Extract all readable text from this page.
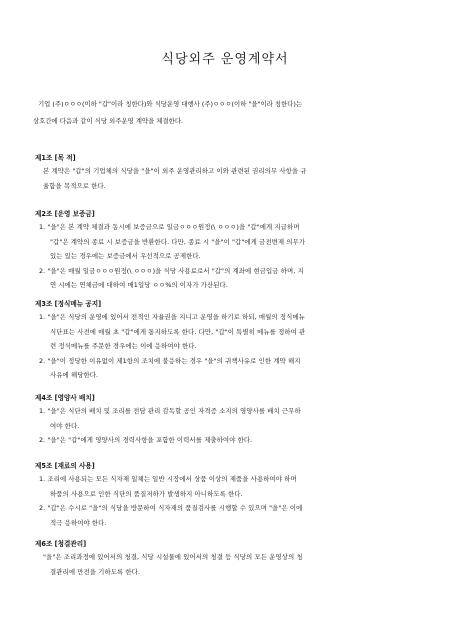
식당외주 운영계약서
기업 (주)ㅇㅇㅇ(이하 "갑"이라 칭한다)와 식당운영 대행사 (주)ㅇㅇㅇ(이하 "을"이라 칭한다)는
상호간에 다음과 같이 식당 외주운영 계약을 체결한다.
제1조 [목 적]
본 계약은 "갑"의 기업체의 식당을 "을"이 외주 운영관리하고 이와 관련된 권리의무 사항을 규
율함을 목적으로 한다.
제2조 [운영 보증금]
1. "을"은 본 계약 체결과 동시에 보증금으로 일금ㅇㅇㅇ원정(\ ㅇㅇㅇ)을 "갑"에게 지급하며
"갑"은 계약의 종료 시 보증금을 반환한다. 다만, 종료 시 "을"이 "갑"에게 금전변제 의무가
있는 있는 경우에는 보증금에서 우선적으로 공제한다.
2. "을"은 매월 일금ㅇㅇㅇ원정(\ ㅇㅇㅇ)을 식당 사용료로서 "갑"의 계좌에 현금입금 하며, 지
연 시에는 연체금에 대하여 매1일당 ㅇㅇ%의 이자가 가산된다.
제3조 [정식메뉴 공지]
1. "을"은 식당의 운영에 있어서 전적인 자율권을 지니고 운영을 하기로 하되, 매월의 정식메뉴
식단표는 사전에 매월 초 "갑"에게 통지하도록 한다. 다만, "갑"이 특별히 메뉴를 정하여 관
련 정식메뉴를 주문한 경우에는 이에 응하여야 한다.
2. "을"이 정당한 이유없이 제1항의 조치에 불응하는 경우 "을"의 귀책사유로 인한 계약 해지
사유에 해당한다.
제4조 [영양사 배치]
1. "을"은 식단의 배치 및 조리를 전담 관리 감독할 공인 자격증 소지의 영양사를 배치 근무하
여야 한다.
2. "을"은 "갑"에게 영양사의 경력사항을 포함한 이력서를 제출하여야 한다.
제5조 [재료의 사용]
1. 조리에 사용되는 모든 식자재 일체는 일반 시장에서 상품 이상의 제품을 사용하여야 하며
하품의 사용으로 인한 식단의 품질저하가 발생하지 아니하도록 한다.
2. "갑"은 수시로 "을"의 식당을 방문하여 식자재의 품질검사를 시행할 수 있으며 "을"은 이에
적극 응하여야 한다.
제6조 [청결관리]
"을"은 조리과정에 있어서의 청결, 식당 시설물에 있어서의 청결 등 식당의 모든 운영상의 청
결관리에 만전을 기하도록 한다.
